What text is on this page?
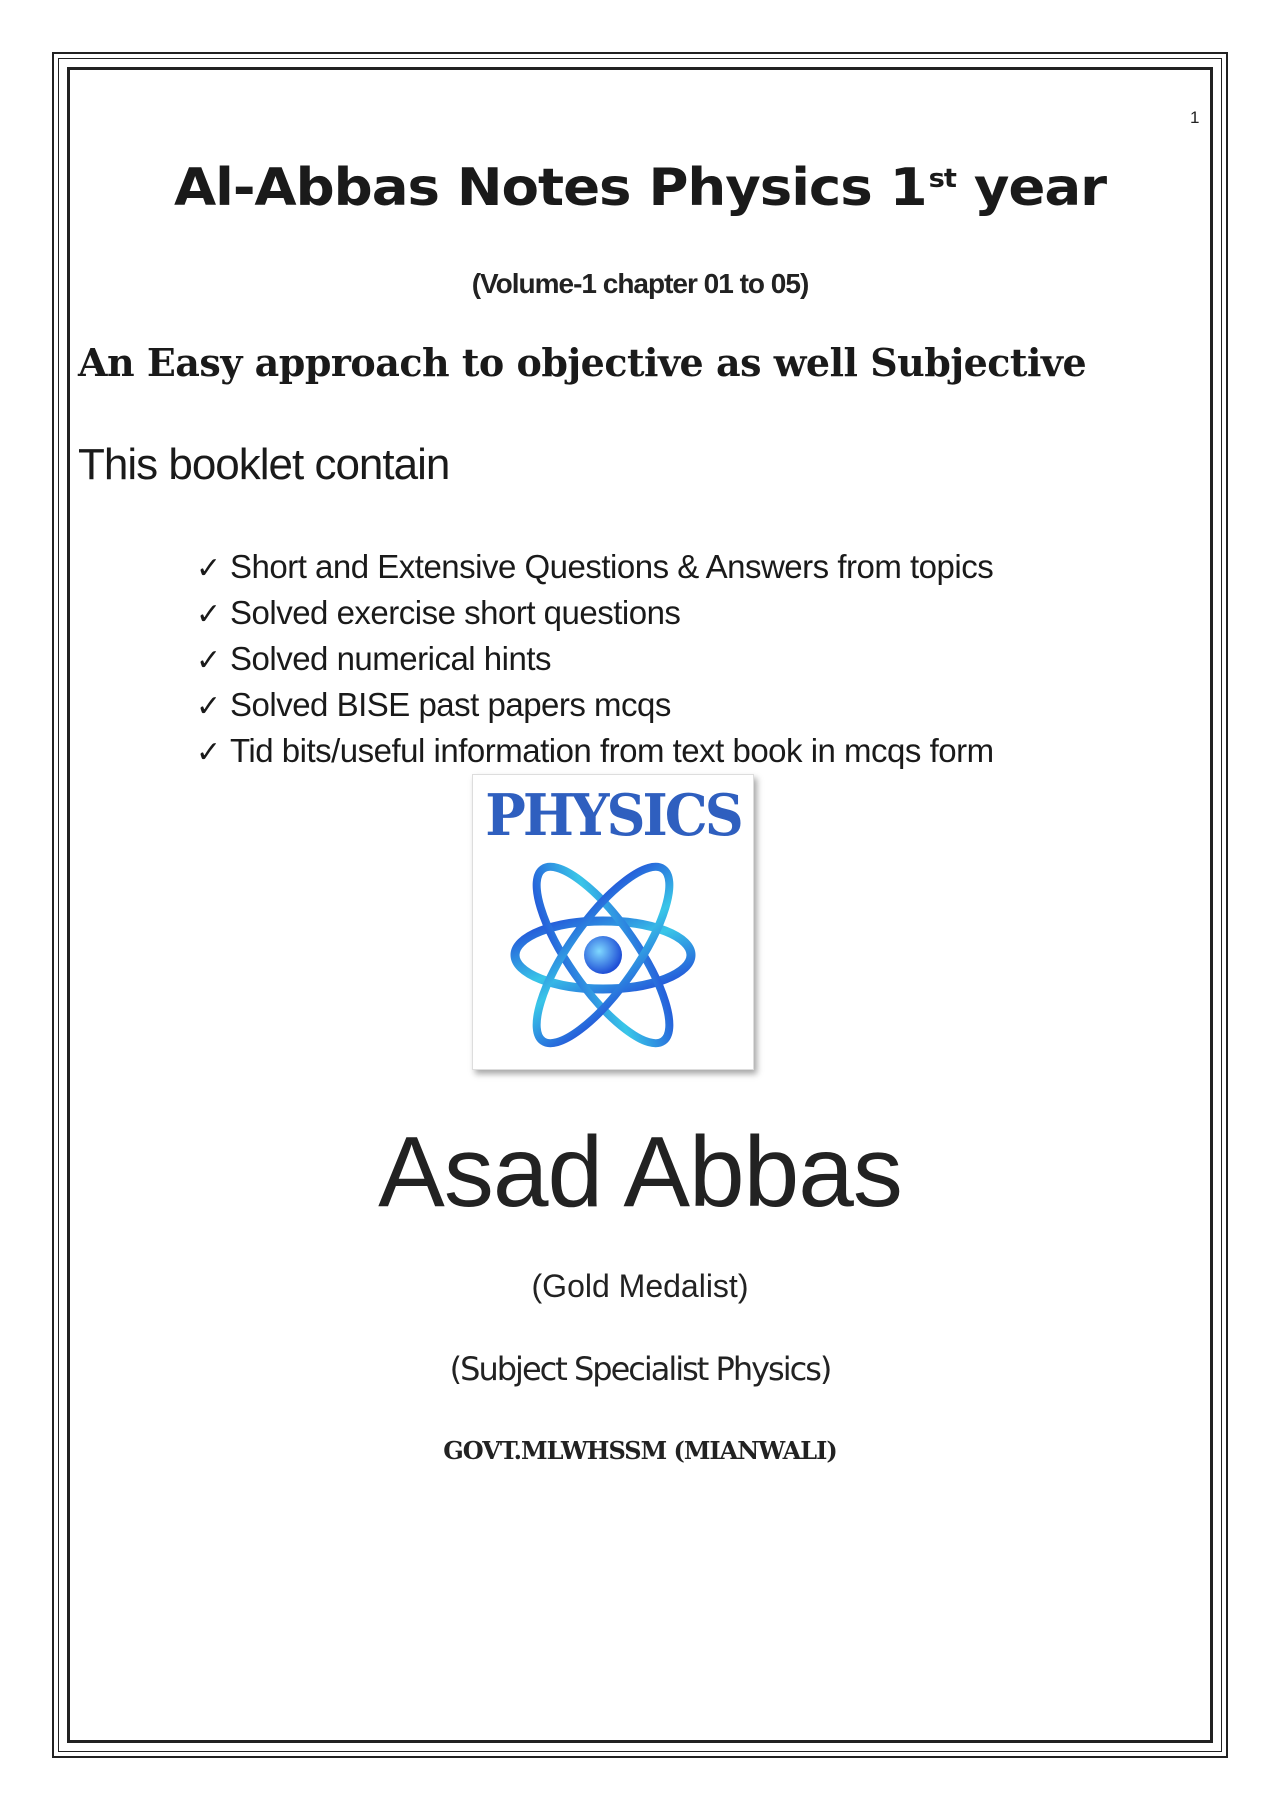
1
Al-Abbas Notes Physics 1st year
(Volume-1 chapter 01 to 05)
An Easy approach to objective as well Subjective
This booklet contain
✓ Short and Extensive Questions & Answers from topics
✓ Solved exercise short questions
✓ Solved numerical hints
✓ Solved BISE past papers mcqs
✓ Tid bits/useful information from text book in mcqs form
PHYSICS
Asad Abbas
(Gold Medalist)
(Subject Specialist Physics)
GOVT.MLWHSSM (MIANWALI)
